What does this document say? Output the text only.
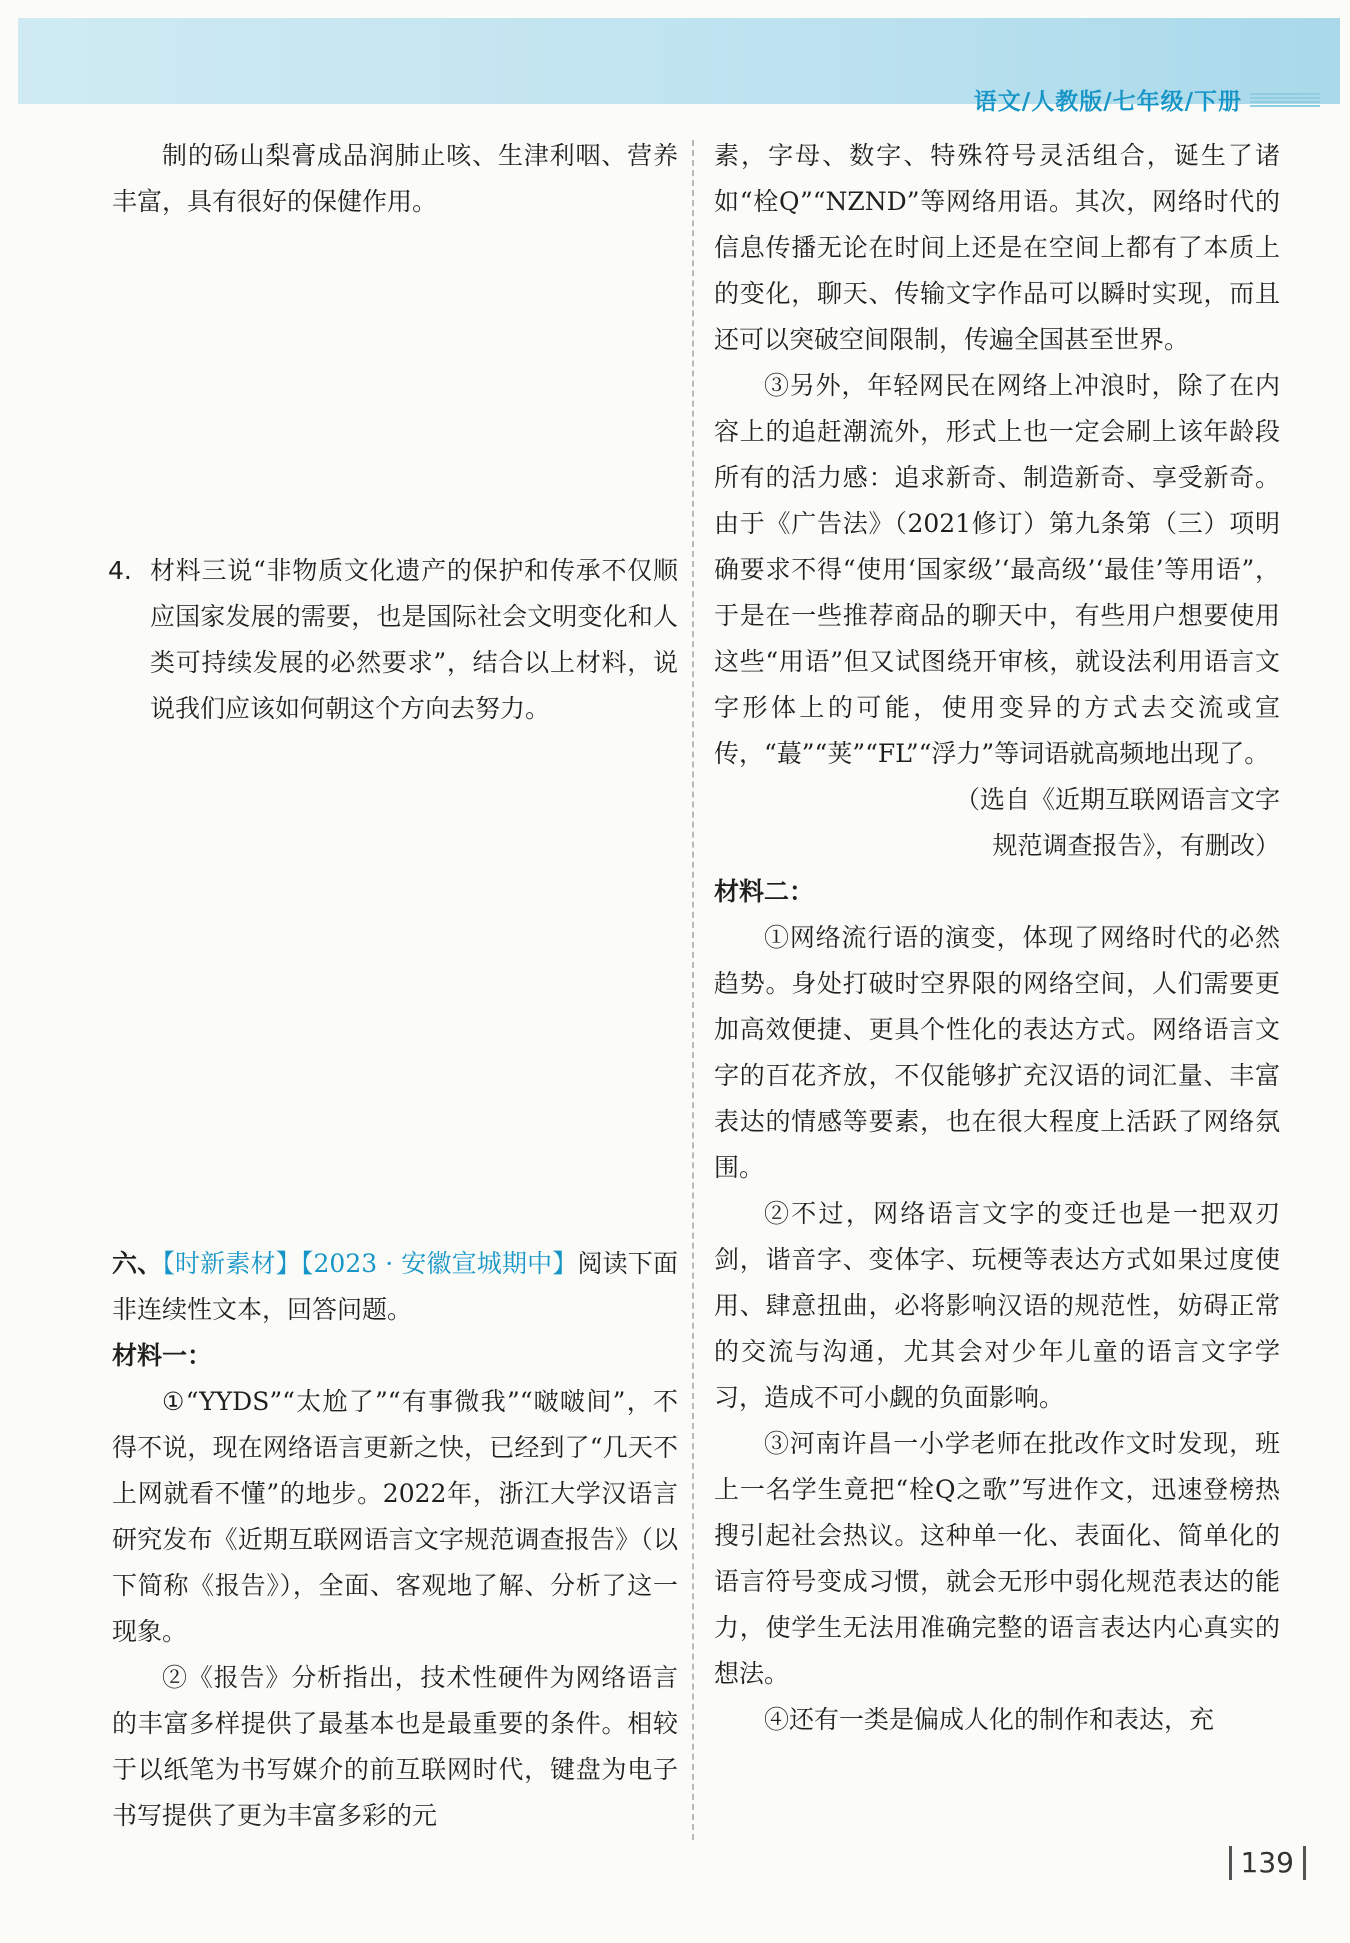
语文/人教版/七年级/下册

制的砀山梨膏成品润肺止咳、生津利咽、营养丰富，具有很好的保健作用。

4. 材料三说“非物质文化遗产的保护和传承不仅顺应国家发展的需要，也是国际社会文明变化和人类可持续发展的必然要求”，结合以上材料，说说我们应该如何朝这个方向去努力。

六、【时新素材】【2023 · 安徽宣城期中】阅读下面非连续性文本，回答问题。

材料一：

①“YYDS”“太尬了”“有事微我”“啵啵间”，不得不说，现在网络语言更新之快，已经到了“几天不上网就看不懂”的地步。2022年，浙江大学汉语言研究发布《近期互联网语言文字规范调查报告》（以下简称《报告》），全面、客观地了解、分析了这一现象。

②《报告》分析指出，技术性硬件为网络语言的丰富多样提供了最基本也是最重要的条件。相较于以纸笔为书写媒介的前互联网时代，键盘为电子书写提供了更为丰富多彩的元

素，字母、数字、特殊符号灵活组合，诞生了诸如“栓Q”“NZND”等网络用语。其次，网络时代的信息传播无论在时间上还是在空间上都有了本质上的变化，聊天、传输文字作品可以瞬时实现，而且还可以突破空间限制，传遍全国甚至世界。

③另外，年轻网民在网络上冲浪时，除了在内容上的追赶潮流外，形式上也一定会刷上该年龄段所有的活力感：追求新奇、制造新奇、享受新奇。由于《广告法》（2021修订）第九条第（三）项明确要求不得“使用‘国家级’‘最高级’‘最佳’等用语”，于是在一些推荐商品的聊天中，有些用户想要使用这些“用语”但又试图绕开审核，就设法利用语言文字形体上的可能，使用变异的方式去交流或宣传，“蕞”“荚”“FL”“浮力”等词语就高频地出现了。

（选自《近期互联网语言文字

规范调查报告》，有删改）

材料二：

①网络流行语的演变，体现了网络时代的必然趋势。身处打破时空界限的网络空间，人们需要更加高效便捷、更具个性化的表达方式。网络语言文字的百花齐放，不仅能够扩充汉语的词汇量、丰富表达的情感等要素，也在很大程度上活跃了网络氛围。

②不过，网络语言文字的变迁也是一把双刃剑，谐音字、变体字、玩梗等表达方式如果过度使用、肆意扭曲，必将影响汉语的规范性，妨碍正常的交流与沟通，尤其会对少年儿童的语言文字学习，造成不可小觑的负面影响。

③河南许昌一小学老师在批改作文时发现，班上一名学生竟把“栓Q之歌”写进作文，迅速登榜热搜引起社会热议。这种单一化、表面化、简单化的语言符号变成习惯，就会无形中弱化规范表达的能力，使学生无法用准确完整的语言表达内心真实的想法。

④还有一类是偏成人化的制作和表达，充

139
